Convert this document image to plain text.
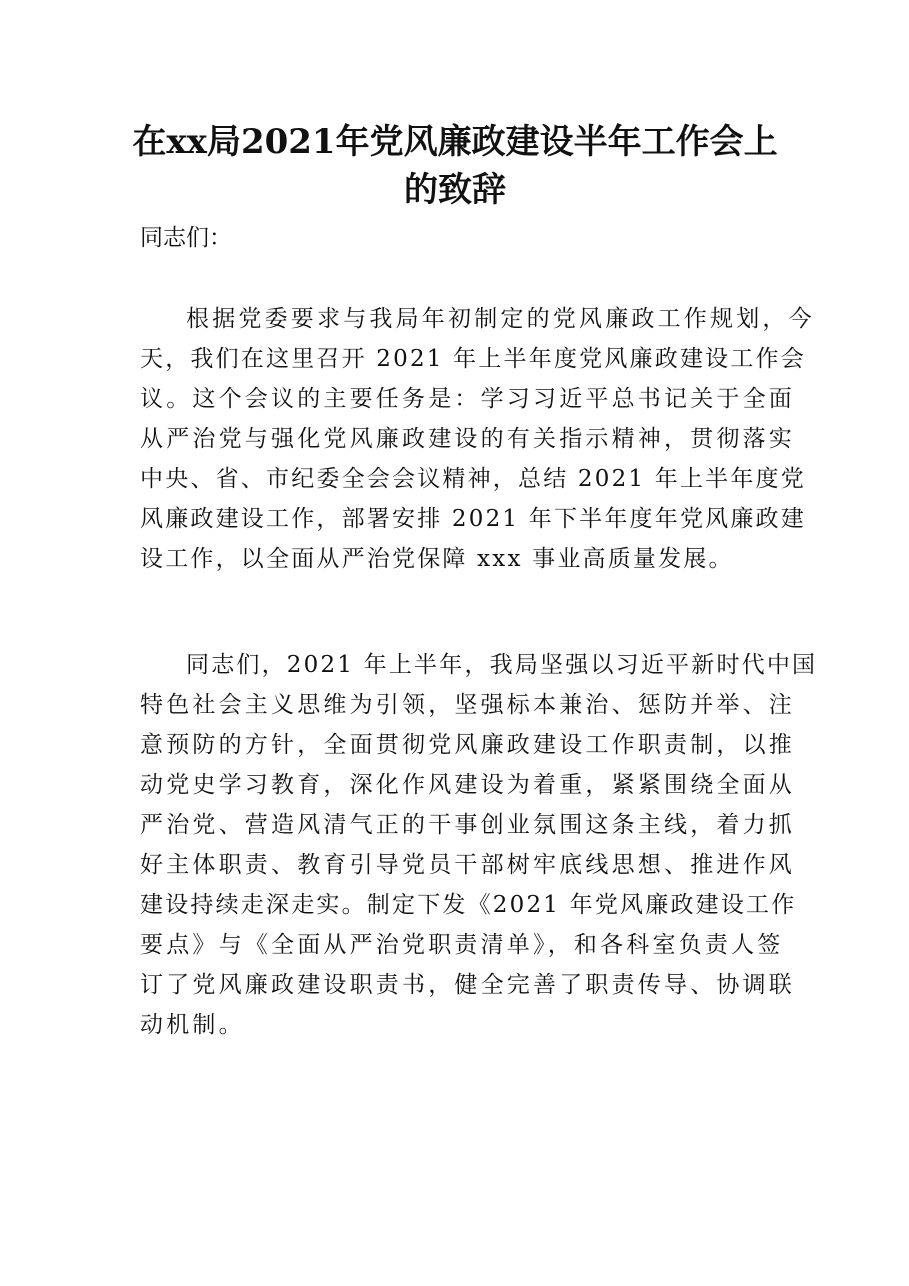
在xx局2021年党风廉政建设半年工作会上
的致辞

同志们：

根据党委要求与我局年初制定的党风廉政工作规划，今
天，我们在这里召开 2021 年上半年度党风廉政建设工作会
议。这个会议的主要任务是：学习习近平总书记关于全面
从严治党与强化党风廉政建设的有关指示精神，贯彻落实
中央、省、市纪委全会会议精神，总结 2021 年上半年度党
风廉政建设工作，部署安排 2021 年下半年度年党风廉政建
设工作，以全面从严治党保障 xxx 事业高质量发展。
同志们，2021 年上半年，我局坚强以习近平新时代中国
特色社会主义思维为引领，坚强标本兼治、惩防并举、注
意预防的方针，全面贯彻党风廉政建设工作职责制，以推
动党史学习教育，深化作风建设为着重，紧紧围绕全面从
严治党、营造风清气正的干事创业氛围这条主线，着力抓
好主体职责、教育引导党员干部树牢底线思想、推进作风
建设持续走深走实。制定下发《2021 年党风廉政建设工作
要点》与《全面从严治党职责清单》，和各科室负责人签
订了党风廉政建设职责书，健全完善了职责传导、协调联
动机制。
